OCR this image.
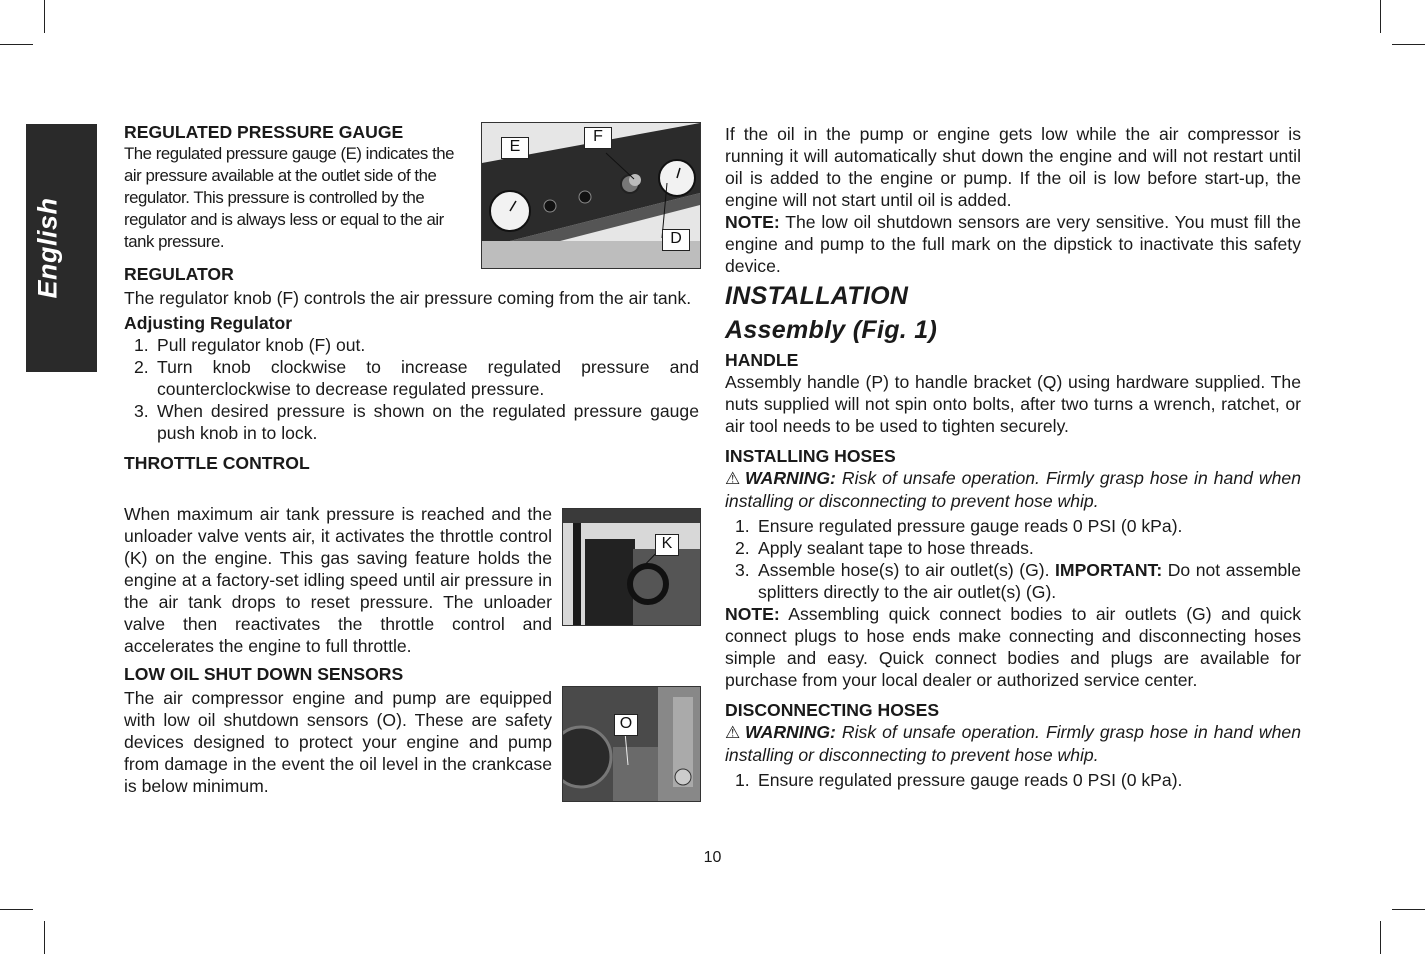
English
REGULATED PRESSURE GAUGE

The regulated pressure gauge (E) indicates the air pressure available at the outlet side of the regulator. This pressure is controlled by the regulator and is always less or equal to the air tank pressure.

E
F
D
REGULATOR

The regulator knob (F) controls the air pressure coming from the air tank.

Adjusting Regulator
1. Pull regulator knob (F) out.
2. Turn knob clockwise to increase regulated pressure and counterclockwise to decrease regulated pressure.
3. When desired pressure is shown on the regulated pressure gauge push knob in to lock.
THROTTLE CONTROL

When maximum air tank pressure is reached and the unloader valve vents air, it activates the throttle control (K) on the engine. This gas saving feature holds the engine at a factory-set idling speed until air pressure in the air tank drops to reset pressure. The unloader valve then reactivates the throttle control and accelerates the engine to full throttle.

K
LOW OIL SHUT DOWN SENSORS

The air compressor engine and pump are equipped with low oil shutdown sensors (O). These are safety devices designed to protect your engine and pump from damage in the event the oil level in the crankcase is below minimum.

O

If the oil in the pump or engine gets low while the air compressor is running it will automatically shut down the engine and will not restart until oil is added to the engine or pump. If the oil is low before start-up, the engine will not start until oil is added.

NOTE: The low oil shutdown sensors are very sensitive. You must fill the engine and pump to the full mark on the dipstick to inactivate this safety device.

INSTALLATION
Assembly (Fig. 1)
HANDLE

Assembly handle (P) to handle bracket (Q) using hardware supplied. The nuts supplied will not spin onto bolts, after two turns a wrench, ratchet, or air tool needs to be used to tighten securely.

INSTALLING HOSES

⚠ WARNING: Risk of unsafe operation. Firmly grasp hose in hand when installing or disconnecting to prevent hose whip.

1. Ensure regulated pressure gauge reads 0 PSI (0 kPa).
2. Apply sealant tape to hose threads.
3. Assemble hose(s) to air outlet(s) (G). IMPORTANT: Do not assemble splitters directly to the air outlet(s) (G).

NOTE: Assembling quick connect bodies to air outlets (G) and quick connect plugs to hose ends make connecting and disconnecting hoses simple and easy. Quick connect bodies and plugs are available for purchase from your local dealer or authorized service center.

DISCONNECTING HOSES

⚠ WARNING: Risk of unsafe operation. Firmly grasp hose in hand when installing or disconnecting to prevent hose whip.

1. Ensure regulated pressure gauge reads 0 PSI (0 kPa).
10
